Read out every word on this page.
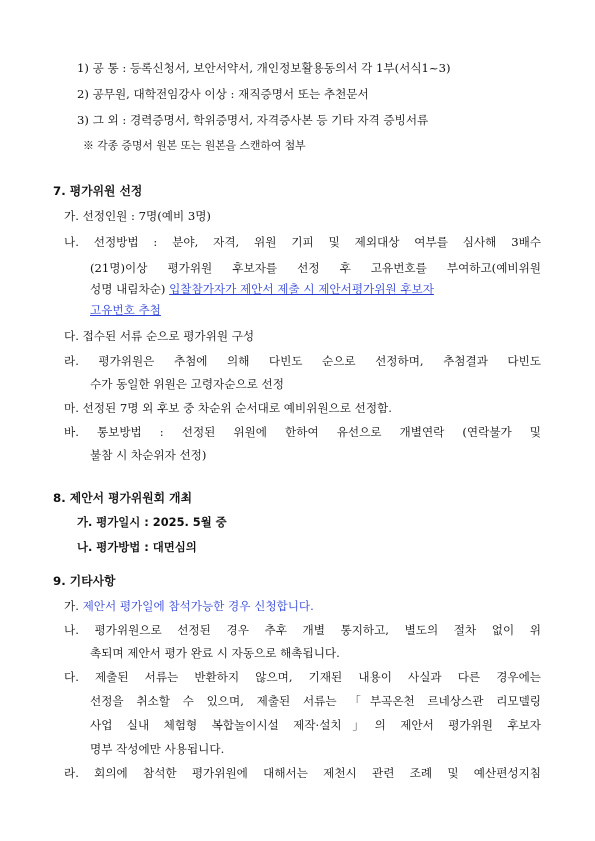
1) 공 통 : 등록신청서, 보안서약서, 개인정보활용동의서 각 1부(서식1~3)
2) 공무원, 대학전임강사 이상 : 재직증명서 또는 추천문서
3) 그 외 : 경력증명서, 학위증명서, 자격증사본 등 기타 자격 증빙서류
※ 각종 증명서 원본 또는 원본을 스캔하여 첨부
7. 평가위원 선정
가. 선정인원 : 7명(예비 3명)
나. 선정방법 : 분야, 자격, 위원 기피 및 제외대상 여부를 심사해 3배수
(21명)이상 평가위원 후보자를 선정 후 고유번호를 부여하고(예비위원
성명 내림차순) 입찰참가자가 제안서 제출 시 제안서평가위원 후보자
고유번호 추첨
다. 접수된 서류 순으로 평가위원 구성
라. 평가위원은 추첨에 의해 다빈도 순으로 선정하며, 추첨결과 다빈도
수가 동일한 위원은 고령자순으로 선정
마. 선정된 7명 외 후보 중 차순위 순서대로 예비위원으로 선정함.
바. 통보방법 : 선정된 위원에 한하여 유선으로 개별연락 (연락불가 및
불참 시 차순위자 선정)
8. 제안서 평가위원회 개최
가. 평가일시 : 2025. 5월 중
나. 평가방법 : 대면심의
9. 기타사항
가. 제안서 평가일에 참석가능한 경우 신청합니다.
나. 평가위원으로 선정된 경우 추후 개별 통지하고, 별도의 절차 없이 위
촉되며 제안서 평가 완료 시 자동으로 해촉됩니다.
다. 제출된 서류는 반환하지 않으며, 기재된 내용이 사실과 다른 경우에는
선정을 취소할 수 있으며, 제출된 서류는 「부곡온천 르네상스관 리모델링
사업 실내 체험형 복합놀이시설 제작·설치」의 제안서 평가위원 후보자
명부 작성에만 사용됩니다.
라. 회의에 참석한 평가위원에 대해서는 제천시 관련 조례 및 예산편성지침
